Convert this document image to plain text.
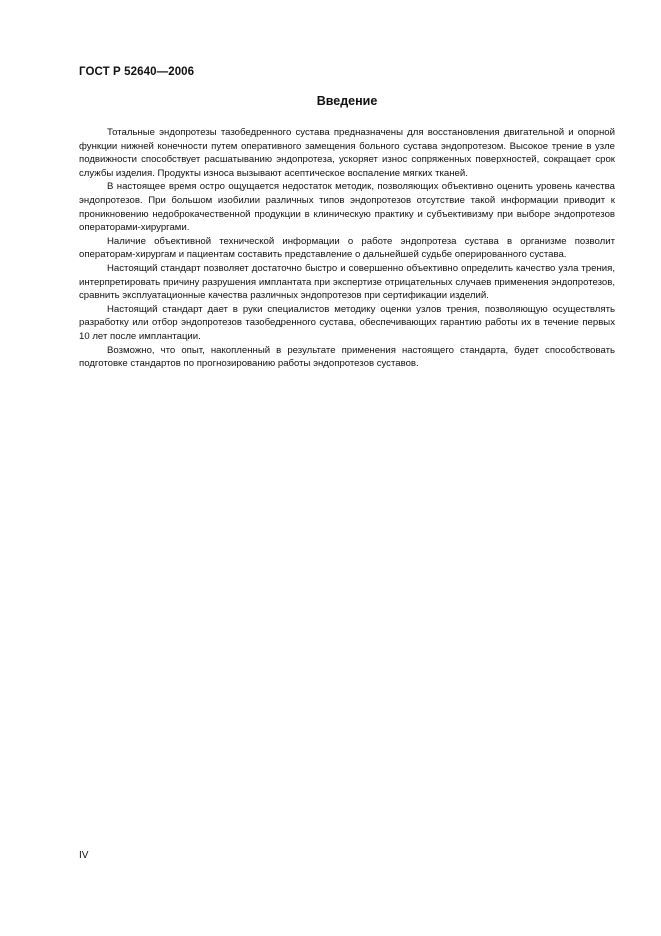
ГОСТ Р 52640—2006
Введение

Тотальные эндопротезы тазобедренного сустава предназначены для восстановления двигательной и опорной функции нижней конечности путем оперативного замещения больного сустава эндопротезом. Высокое трение в узле подвижности способствует расшатыванию эндопротеза, ускоряет износ сопряженных поверхностей, сокращает срок службы изделия. Продукты износа вызывают асептическое воспаление мягких тканей.

В настоящее время остро ощущается недостаток методик, позволяющих объективно оценить уровень качества эндопротезов. При большом изобилии различных типов эндопротезов отсутствие такой информации приводит к проникновению недоброкачественной продукции в клиническую практику и субъективизму при выборе эндопротезов операторами-хирургами.

Наличие объективной технической информации о работе эндопротеза сустава в организме позволит операторам-хирургам и пациентам составить представление о дальнейшей судьбе оперированного сустава.

Настоящий стандарт позволяет достаточно быстро и совершенно объективно определить качество узла трения, интерпретировать причину разрушения имплантата при экспертизе отрицательных случаев применения эндопротезов, сравнить эксплуатационные качества различных эндопротезов при сертификации изделий.

Настоящий стандарт дает в руки специалистов методику оценки узлов трения, позволяющую осуществлять разработку или отбор эндопротезов тазобедренного сустава, обеспечивающих гарантию работы их в течение первых 10 лет после имплантации.

Возможно, что опыт, накопленный в результате применения настоящего стандарта, будет способствовать подготовке стандартов по прогнозированию работы эндопротезов суставов.

IV
